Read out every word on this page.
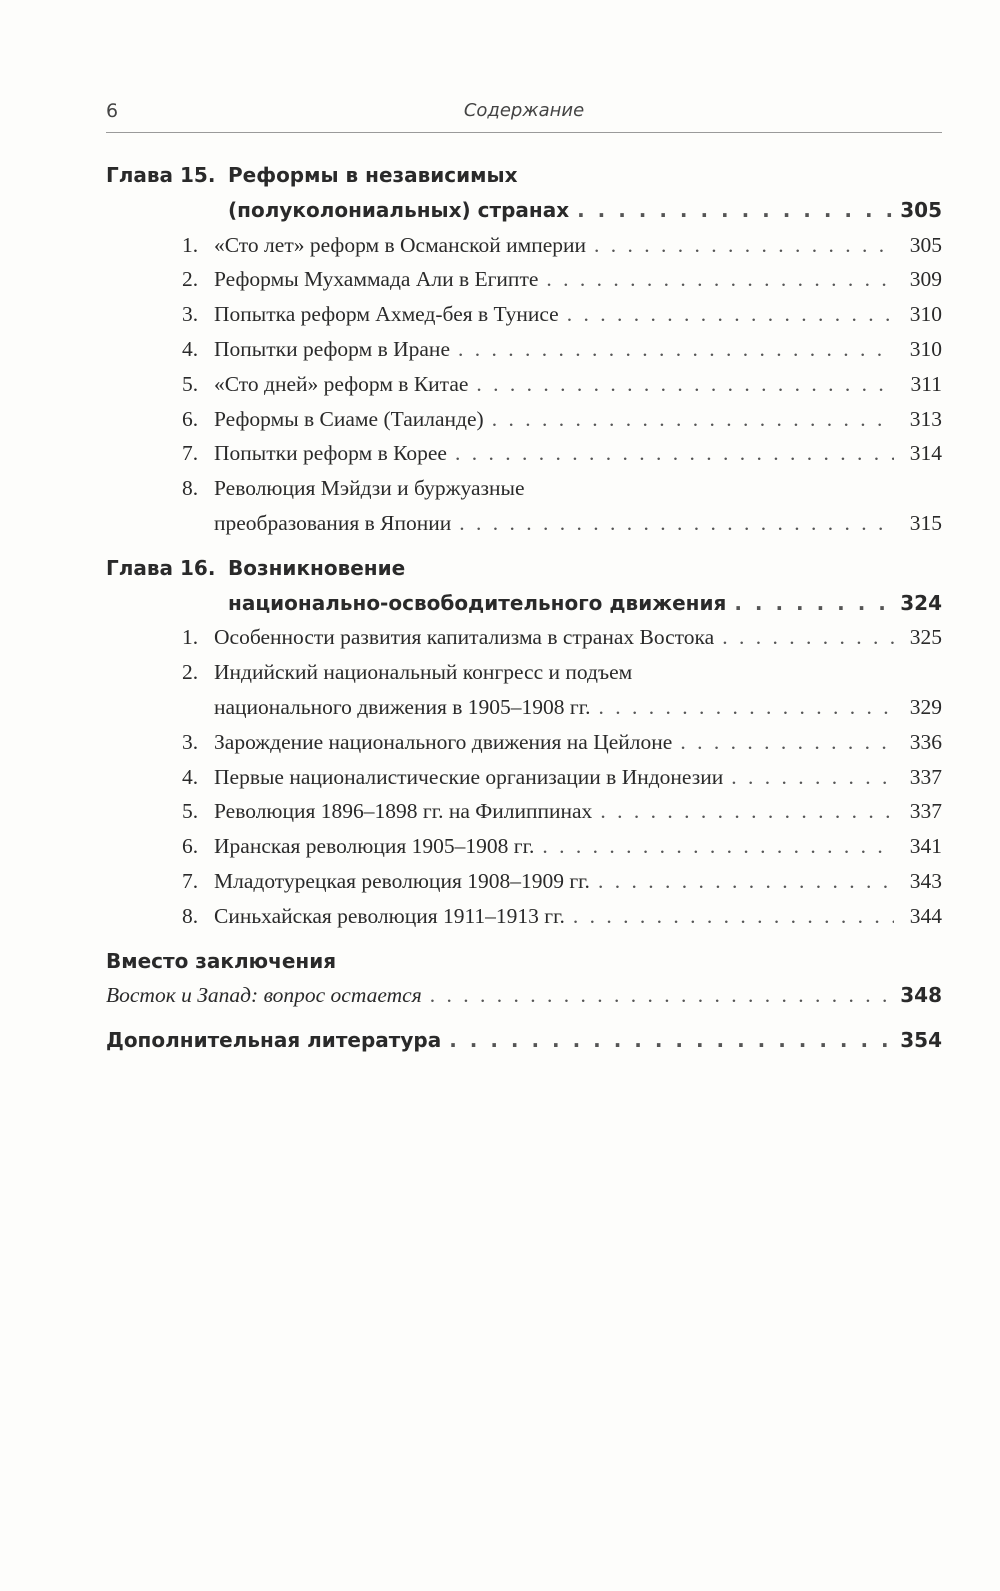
6	Содержание
Глава 15. Реформы в независимых
(полуколониальных) странах . . .	305
1. «Сто лет» реформ в Османской империи . . .	305
2. Реформы Мухаммада Али в Египте . . .	309
3. Попытка реформ Ахмед-бея в Тунисе . . .	310
4. Попытки реформ в Иране . . .	310
5. «Сто дней» реформ в Китае . . .	311
6. Реформы в Сиаме (Таиланде) . . .	313
7. Попытки реформ в Корее . . .	314
8. Революция Мэйдзи и буржуазные
преобразования в Японии . . .	315
Глава 16. Возникновение
национально-освободительного движения . . .	324
1. Особенности развития капитализма в странах Востока . . .	325
2. Индийский национальный конгресс и подъем
национального движения в 1905–1908 гг. . . .	329
3. Зарождение национального движения на Цейлоне . . .	336
4. Первые националистические организации в Индонезии . . .	337
5. Революция 1896–1898 гг. на Филиппинах . . .	337
6. Иранская революция 1905–1908 гг. . . .	341
7. Младотурецкая революция 1908–1909 гг. . . .	343
8. Синьхайская революция 1911–1913 гг. . . .	344
Вместо заключения
Восток и Запад: вопрос остается . . .	348
Дополнительная литература . . .	354
